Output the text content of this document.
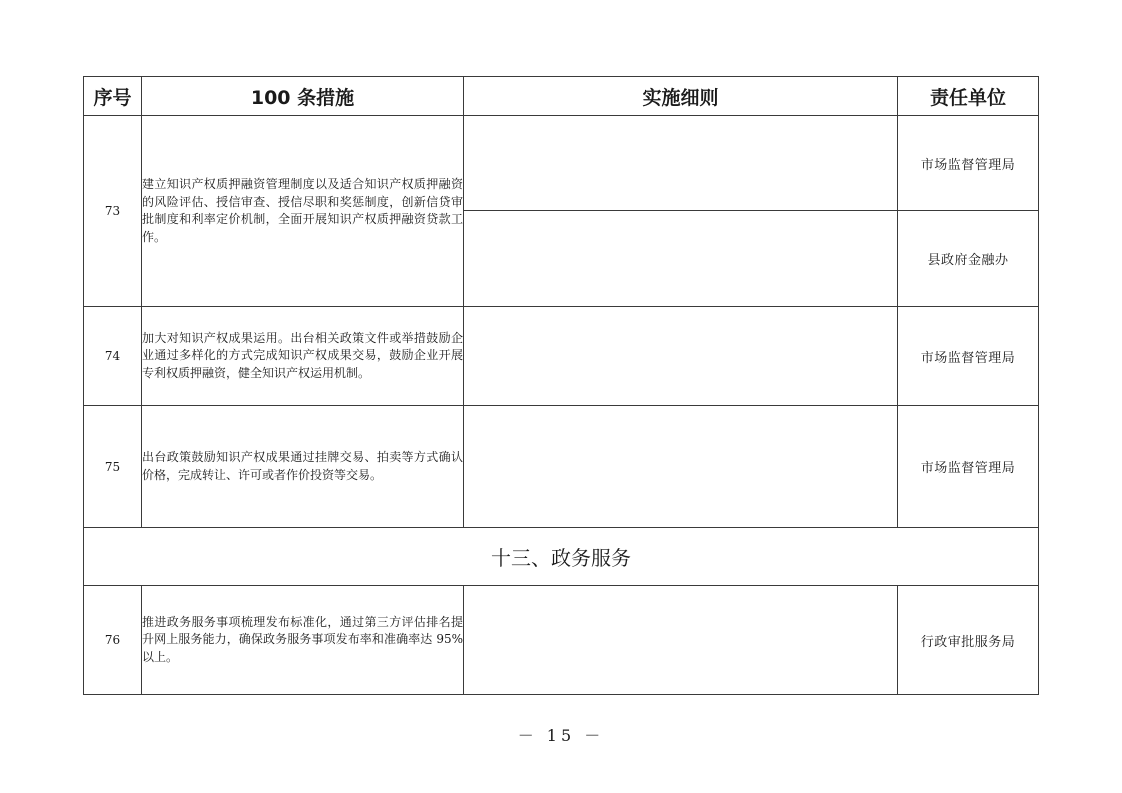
序号	100 条措施	实施细则	责任单位
73	建立知识产权质押融资管理制度以及适合知识产权质押融资的风险评估、授信审查、授信尽职和奖惩制度，创新信贷审批制度和利率定价机制，全面开展知识产权质押融资贷款工作。		市场监督管理局
			县政府金融办
74	加大对知识产权成果运用。出台相关政策文件或举措鼓励企业通过多样化的方式完成知识产权成果交易，鼓励企业开展专利权质押融资，健全知识产权运用机制。		市场监督管理局
75	出台政策鼓励知识产权成果通过挂牌交易、拍卖等方式确认价格，完成转让、许可或者作价投资等交易。		市场监督管理局
十三、政务服务			
76	推进政务服务事项梳理发布标准化，通过第三方评估排名提升网上服务能力，确保政务服务事项发布率和准确率达 95%以上。		行政审批服务局
－ 15 －
